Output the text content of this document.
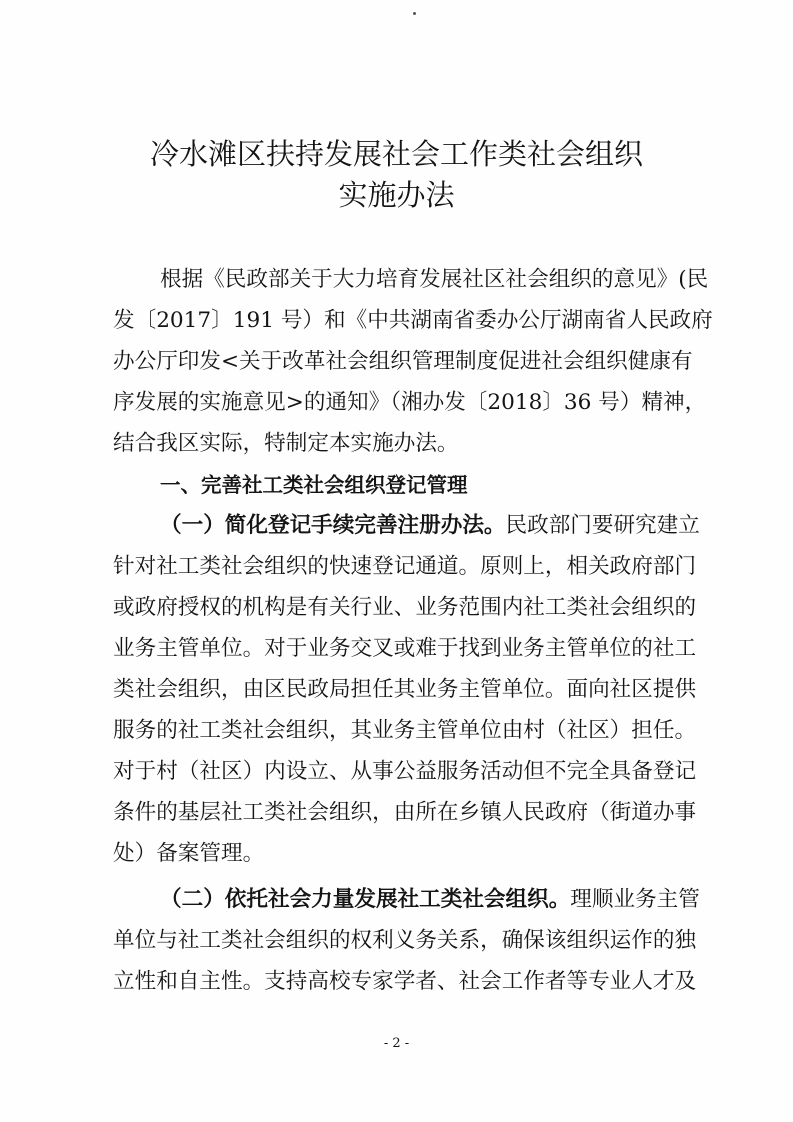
冷水滩区扶持发展社会工作类社会组织
实施办法
根据《民政部关于大力培育发展社区社会组织的意见》(民
发〔2017〕191 号）和《中共湖南省委办公厅湖南省人民政府
办公厅印发<关于改革社会组织管理制度促进社会组织健康有
序发展的实施意见>的通知》（湘办发〔2018〕36 号）精神，
结合我区实际，特制定本实施办法。
一、完善社工类社会组织登记管理
（一）简化登记手续完善注册办法。民政部门要研究建立
针对社工类社会组织的快速登记通道。原则上，相关政府部门
或政府授权的机构是有关行业、业务范围内社工类社会组织的
业务主管单位。对于业务交叉或难于找到业务主管单位的社工
类社会组织，由区民政局担任其业务主管单位。面向社区提供
服务的社工类社会组织，其业务主管单位由村（社区）担任。
对于村（社区）内设立、从事公益服务活动但不完全具备登记
条件的基层社工类社会组织，由所在乡镇人民政府（街道办事
处）备案管理。
（二）依托社会力量发展社工类社会组织。理顺业务主管
单位与社工类社会组织的权利义务关系，确保该组织运作的独
立性和自主性。支持高校专家学者、社会工作者等专业人才及
- 2 -
